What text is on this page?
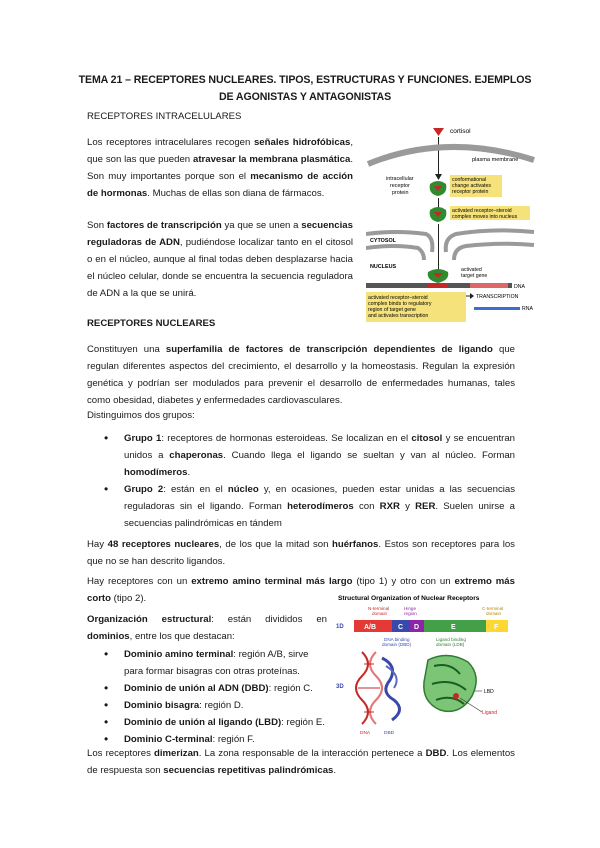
TEMA 21 – RECEPTORES NUCLEARES. TIPOS, ESTRUCTURAS Y FUNCIONES. EJEMPLOS
DE AGONISTAS Y ANTAGONISTAS
RECEPTORES INTRACELULARES
Los receptores intracelulares recogen señales hidrofóbicas, que son las que pueden atravesar la membrana plasmática. Son muy importantes porque son el mecanismo de acción de hormonas. Muchas de ellas son diana de fármacos.
Son factores de transcripción ya que se unen a secuencias reguladoras de ADN, pudiéndose localizar tanto en el citosol o en el núcleo, aunque al final todas deben desplazarse hacia el núcleo celular, donde se encuentra la secuencia reguladora de ADN a la que se unirá.
cortisol
plasma membrane
intracellular
receptor
protein
conformational
change activates
receptor protein
activated receptor–steroid
complex moves into nucleus
CYTOSOL
NUCLEUS	activated
target gene
DNA
TRANSCRIPTION
activated receptor–steroid
complex binds to regulatory
region of target gene
and activates transcription
RNA
RECEPTORES NUCLEARES
Constituyen una superfamilia de factores de transcripción dependientes de ligando que regulan diferentes aspectos del crecimiento, el desarrollo y la homeostasis. Regulan la expresión genética y podrían ser modulados para prevenir el desarrollo de enfermedades humanas, tales como obesidad, diabetes y enfermedades cardiovasculares.
Distinguimos dos grupos:
• Grupo 1: receptores de hormonas esteroideas. Se localizan en el citosol y se encuentran unidos a chaperonas. Cuando llega el ligando se sueltan y van al núcleo. Forman homodímeros.
• Grupo 2: están en el núcleo y, en ocasiones, pueden estar unidas a las secuencias reguladoras sin el ligando. Forman heterodímeros con RXR y RER. Suelen unirse a secuencias palindrómicas en tándem
Hay 48 receptores nucleares, de los que la mitad son huérfanos. Estos son receptores para los que no se han descrito ligandos.
Hay receptores con un extremo amino terminal más largo (tipo 1) y otro con un extremo más corto (tipo 2).
Organización estructural: están divididos en dominios, entre los que destacan:
• Dominio amino terminal: región A/B, sirve para formar bisagras con otras proteínas.
• Dominio de unión al ADN (DBD): región C.
• Dominio bisagra: región D.
• Dominio de unión al ligando (LBD): región E.
• Dominio C-terminal: región F.
Structural Organization of Nuclear Receptors
N-terminal
domain
Hinge
region
C-terminal
domain
1D	A/B	C D	E	F
DNA binding
domain (DBD)
Ligand binding
domain (LDB)
3D
LBD
Ligand
DNA	DBD
Los receptores dimerizan. La zona responsable de la interacción pertenece a DBD. Los elementos de respuesta son secuencias repetitivas palindrómicas.
